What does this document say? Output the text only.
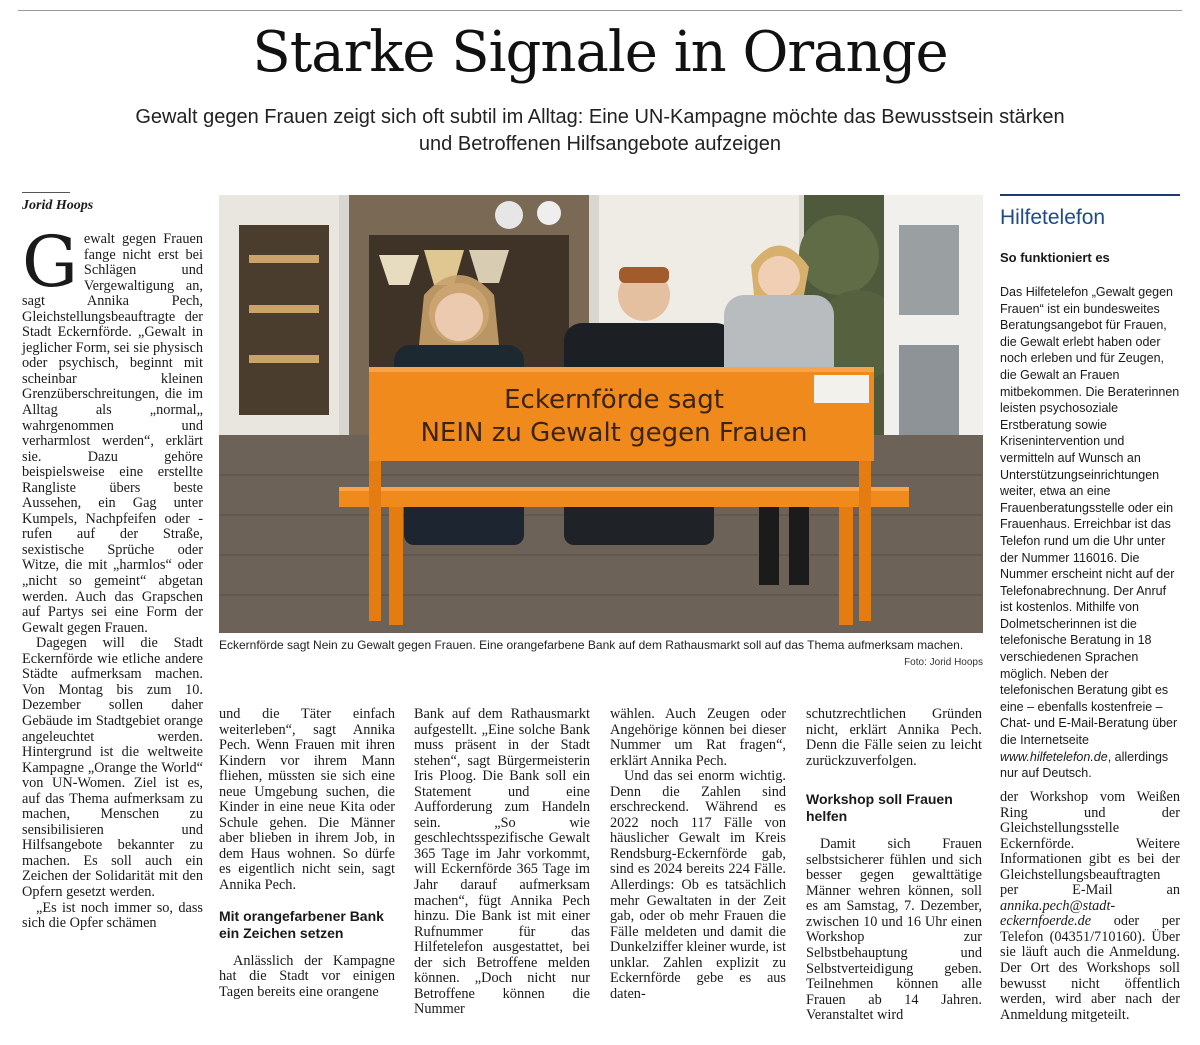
Starke Signale in Orange

Gewalt gegen Frauen zeigt sich oft subtil im Alltag: Eine UN-Kampagne möchte das Bewusstsein stärken und Betroffenen Hilfsangebote aufzeigen

Jorid Hoops

Gewalt gegen Frauen fange nicht erst bei Schlägen und Vergewaltigung an, sagt Annika Pech, Gleichstellungsbeauftragte der Stadt Eckernförde. „Gewalt in jeglicher Form, sei sie physisch oder psychisch, beginnt mit scheinbar kleinen Grenzüberschreitungen, die im Alltag als „normal„ wahrgenommen und verharmlost werden“, erklärt sie. Dazu gehöre beispielsweise eine erstellte Rangliste übers beste Aussehen, ein Gag unter Kumpels, Nachpfeifen oder -rufen auf der Straße, sexistische Sprüche oder Witze, die mit „harmlos“ oder „nicht so gemeint“ abgetan werden. Auch das Grapschen auf Partys sei eine Form der Gewalt gegen Frauen.

Dagegen will die Stadt Eckernförde wie etliche andere Städte aufmerksam machen. Von Montag bis zum 10. Dezember sollen daher Gebäude im Stadtgebiet orange angeleuchtet werden. Hintergrund ist die weltweite Kampagne „Orange the World“ von UN-Women. Ziel ist es, auf das Thema aufmerksam zu machen, Menschen zu sensibilisieren und Hilfsangebote bekannter zu machen. Es soll auch ein Zeichen der Solidarität mit den Opfern gesetzt werden.

„Es ist noch immer so, dass sich die Opfer schämen

Eckernförde sagt
NEIN zu Gewalt gegen Frauen
Eckernförde sagt Nein zu Gewalt gegen Frauen. Eine orangefarbene Bank auf dem Rathausmarkt soll auf das Thema aufmerksam machen.
Foto: Jorid Hoops

und die Täter einfach weiterleben“, sagt Annika Pech. Wenn Frauen mit ihren Kindern vor ihrem Mann fliehen, müssten sie sich eine neue Umgebung suchen, die Kinder in eine neue Kita oder Schule gehen. Die Männer aber blieben in ihrem Job, in dem Haus wohnen. So dürfe es eigentlich nicht sein, sagt Annika Pech.

Mit orangefarbener Bank ein Zeichen setzen

Anlässlich der Kampagne hat die Stadt vor einigen Tagen bereits eine orangene

Bank auf dem Rathausmarkt aufgestellt. „Eine solche Bank muss präsent in der Stadt stehen“, sagt Bürgermeisterin Iris Ploog. Die Bank soll ein Statement und eine Aufforderung zum Handeln sein. „So wie geschlechtsspezifische Gewalt 365 Tage im Jahr vorkommt, will Eckernförde 365 Tage im Jahr darauf aufmerksam machen“, fügt Annika Pech hinzu. Die Bank ist mit einer Rufnummer für das Hilfetelefon ausgestattet, bei der sich Betroffene melden können. „Doch nicht nur Betroffene können die Nummer

wählen. Auch Zeugen oder Angehörige können bei dieser Nummer um Rat fragen“, erklärt Annika Pech.

Und das sei enorm wichtig. Denn die Zahlen sind erschreckend. Während es 2022 noch 117 Fälle von häuslicher Gewalt im Kreis Rendsburg-Eckernförde gab, sind es 2024 bereits 224 Fälle. Allerdings: Ob es tatsächlich mehr Gewaltaten in der Zeit gab, oder ob mehr Frauen die Fälle meldeten und damit die Dunkelziffer kleiner wurde, ist unklar. Zahlen explizit zu Eckernförde gebe es aus daten-

schutzrechtlichen Gründen nicht, erklärt Annika Pech. Denn die Fälle seien zu leicht zurückzuverfolgen.

Workshop soll Frauen helfen

Damit sich Frauen selbstsicherer fühlen und sich besser gegen gewalttätige Männer wehren können, soll es am Samstag, 7. Dezember, zwischen 10 und 16 Uhr einen Workshop zur Selbstbehauptung und Selbstverteidigung geben. Teilnehmen können alle Frauen ab 14 Jahren. Veranstaltet wird

der Workshop vom Weißen Ring und der Gleichstellungsstelle Eckernförde. Weitere Informationen gibt es bei der Gleichstellungsbeauftragten per E-Mail an annika.pech@stadt-eckernfoerde.de oder per Telefon (04351/710160). Über sie läuft auch die Anmeldung. Der Ort des Workshops soll bewusst nicht öffentlich werden, wird aber nach der Anmeldung mitgeteilt.

Hilfetelefon
So funktioniert es
Das Hilfetelefon „Gewalt gegen Frauen“ ist ein bundesweites Beratungsangebot für Frauen, die Gewalt erlebt haben oder noch erleben und für Zeugen, die Gewalt an Frauen mitbekommen. Die Beraterinnen leisten psychosoziale Erstberatung sowie Krisenintervention und vermitteln auf Wunsch an Unterstützungseinrichtungen weiter, etwa an eine Frauenberatungsstelle oder ein Frauenhaus. Erreichbar ist das Telefon rund um die Uhr unter der Nummer 116016. Die Nummer erscheint nicht auf der Telefonabrechnung. Der Anruf ist kostenlos. Mithilfe von Dolmetscherinnen ist die telefonische Beratung in 18 verschiedenen Sprachen möglich. Neben der telefonischen Beratung gibt es eine – ebenfalls kostenfreie – Chat- und E-Mail-Beratung über die Internetseite www.hilfetelefon.de, allerdings nur auf Deutsch.
